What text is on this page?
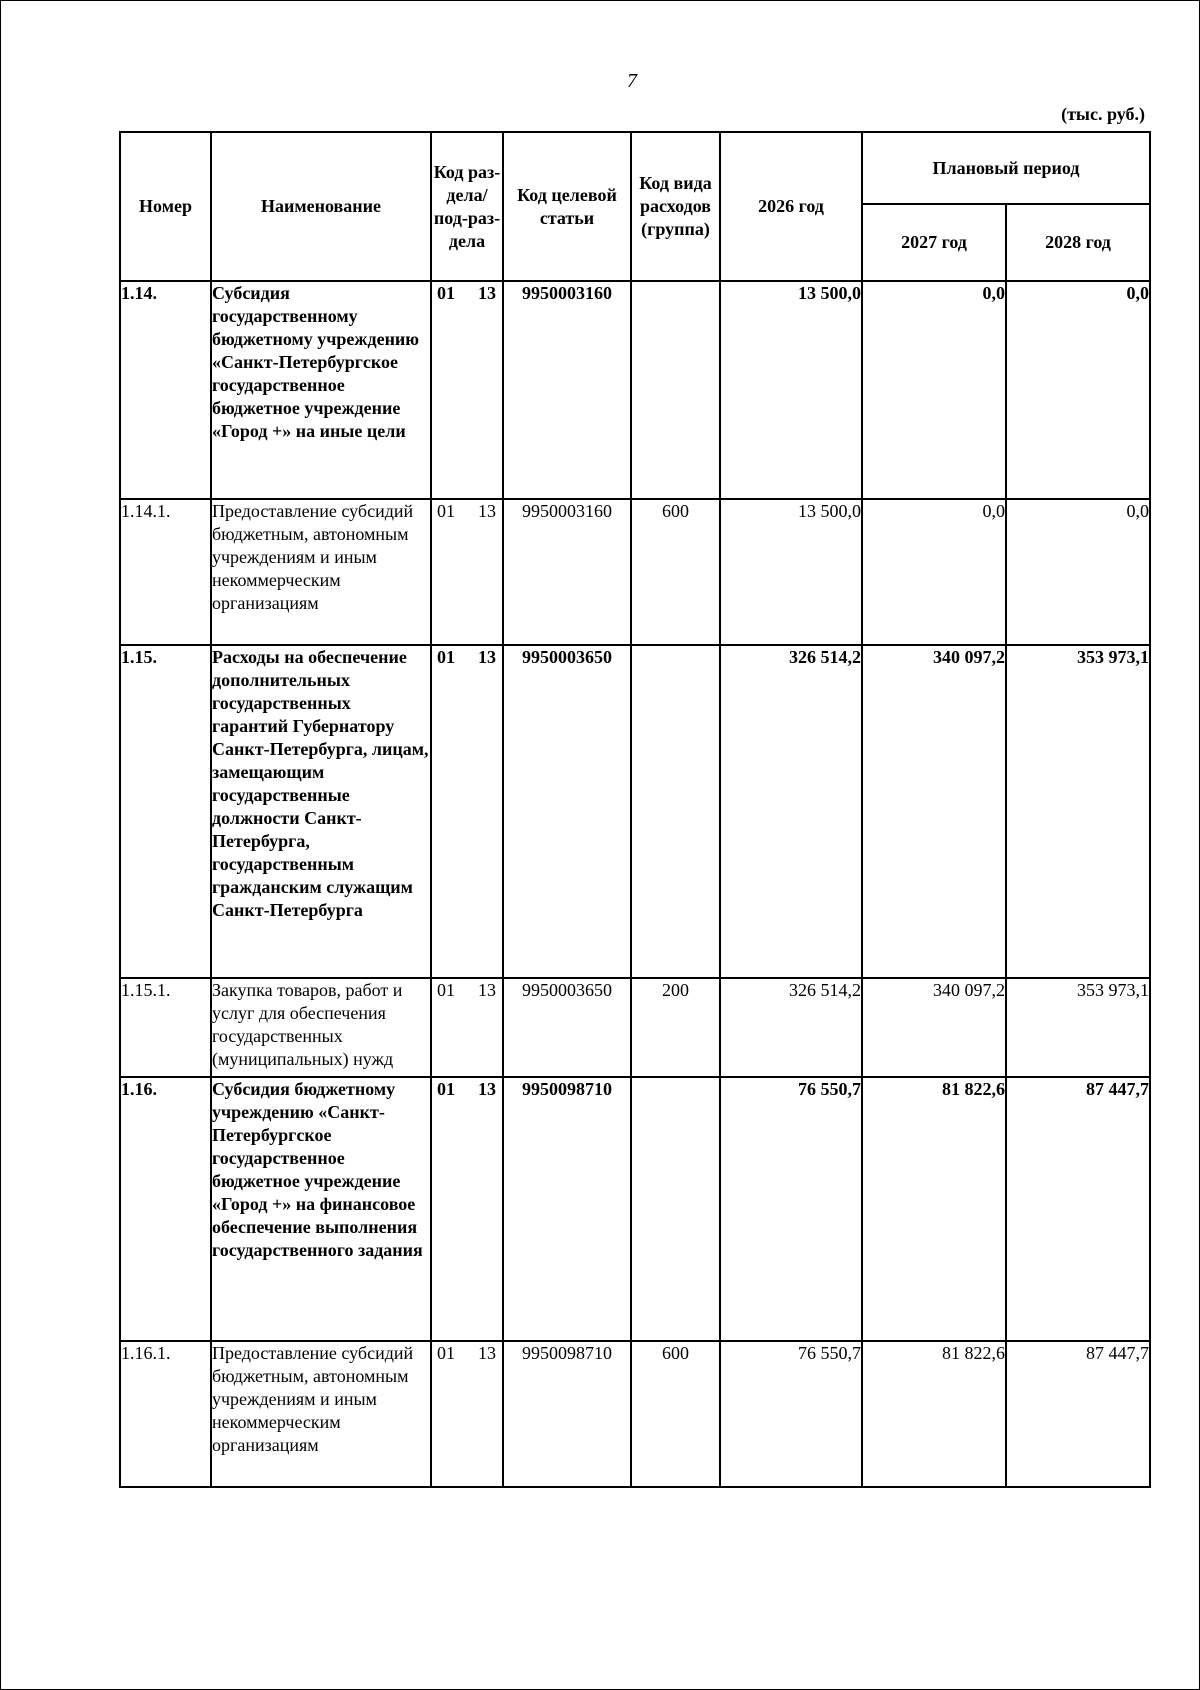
7
(тыс. руб.)
Номер	Наименование	Код раз-дела/ под-раз-дела	Код целевой статьи	Код вида расходов (группа)	2026 год	Плановый период	
						2027 год	2028 год
1.14.	Субсидия государственному бюджетному учреждению «Санкт-Петербургское государственное бюджетное учреждение «Город +» на иные цели	01 13	9950003160		13 500,0	0,0	0,0
1.14.1.	Предоставление субсидий бюджетным, автономным учреждениям и иным некоммерческим организациям	01 13	9950003160	600	13 500,0	0,0	0,0
1.15.	Расходы на обеспечение дополнительных государственных гарантий Губернатору Санкт-Петербурга, лицам, замещающим государственные должности Санкт-Петербурга, государственным гражданским служащим Санкт-Петербурга	01 13	9950003650		326 514,2	340 097,2	353 973,1
1.15.1.	Закупка товаров, работ и услуг для обеспечения государственных (муниципальных) нужд	01 13	9950003650	200	326 514,2	340 097,2	353 973,1
1.16.	Субсидия бюджетному учреждению «Санкт-Петербургское государственное бюджетное учреждение «Город +» на финансовое обеспечение выполнения государственного задания	01 13	9950098710		76 550,7	81 822,6	87 447,7
1.16.1.	Предоставление субсидий бюджетным, автономным учреждениям и иным некоммерческим организациям	01 13	9950098710	600	76 550,7	81 822,6	87 447,7
